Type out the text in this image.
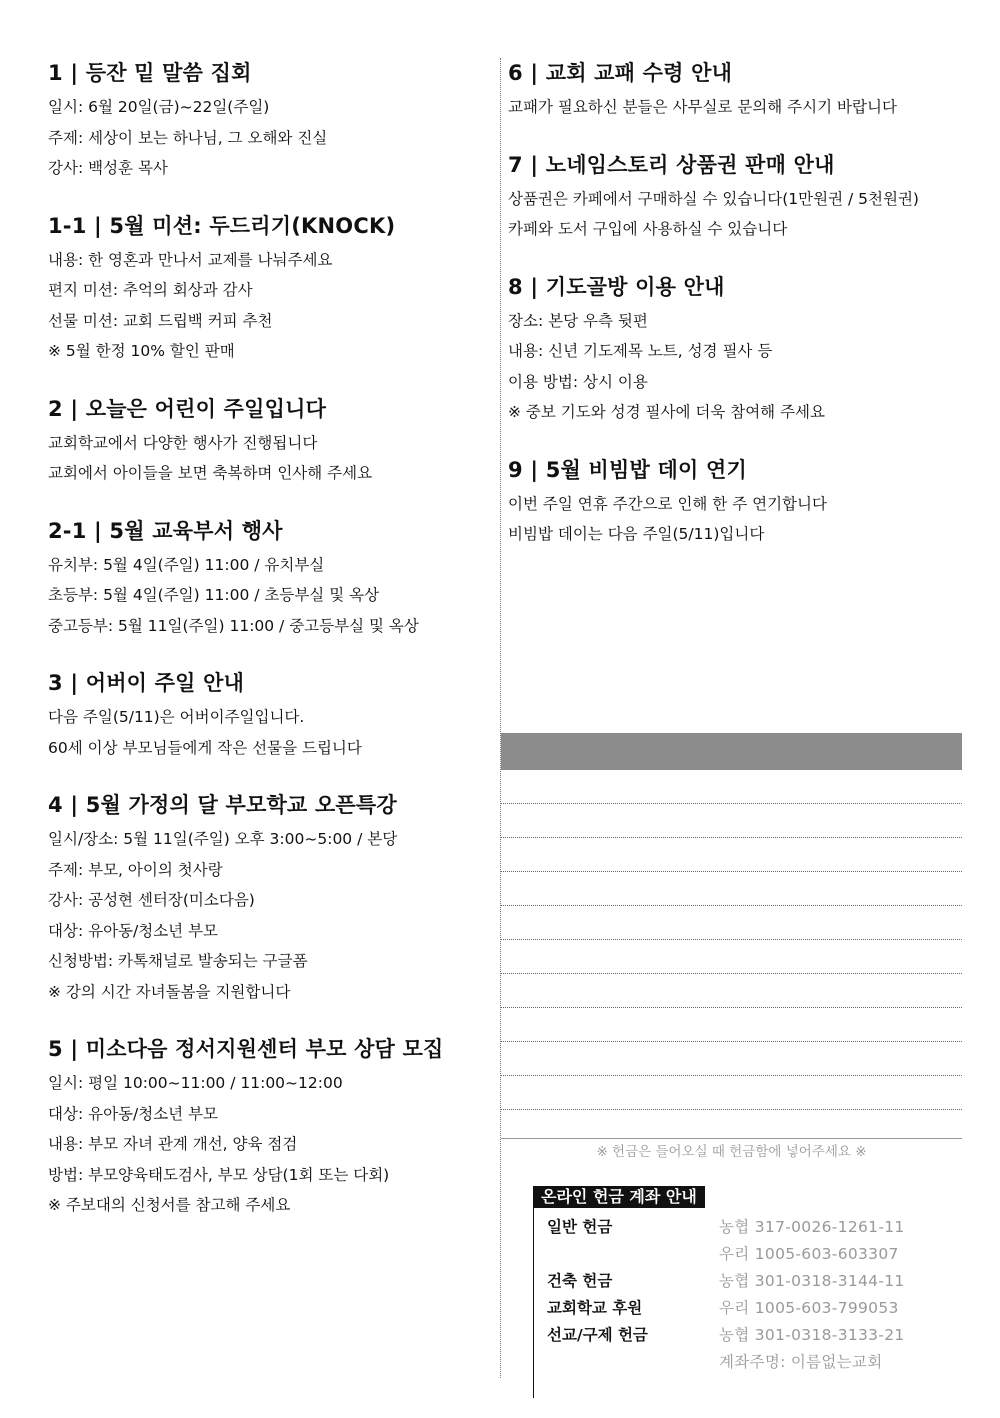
1 | 등잔 밑 말씀 집회
일시: 6월 20일(금)~22일(주일)
주제: 세상이 보는 하나님, 그 오해와 진실
강사: 백성훈 목사
1-1 | 5월 미션: 두드리기(KNOCK)
내용: 한 영혼과 만나서 교제를 나눠주세요
편지 미션: 추억의 회상과 감사
선물 미션: 교회 드립백 커피 추천
※ 5월 한정 10% 할인 판매
2 | 오늘은 어린이 주일입니다
교회학교에서 다양한 행사가 진행됩니다
교회에서 아이들을 보면 축복하며 인사해 주세요
2-1 | 5월 교육부서 행사
유치부: 5월 4일(주일) 11:00 / 유치부실
초등부: 5월 4일(주일) 11:00 / 초등부실 및 옥상
중고등부: 5월 11일(주일) 11:00 / 중고등부실 및 옥상
3 | 어버이 주일 안내
다음 주일(5/11)은 어버이주일입니다.
60세 이상 부모님들에게 작은 선물을 드립니다
4 | 5월 가정의 달 부모학교 오픈특강
일시/장소: 5월 11일(주일) 오후 3:00~5:00 / 본당
주제: 부모, 아이의 첫사랑
강사: 공성현 센터장(미소다음)
대상: 유아동/청소년 부모
신청방법: 카톡채널로 발송되는 구글폼
※ 강의 시간 자녀돌봄을 지원합니다
5 | 미소다음 정서지원센터 부모 상담 모집
일시: 평일 10:00~11:00 / 11:00~12:00
대상: 유아동/청소년 부모
내용: 부모 자녀 관계 개선, 양육 점검
방법: 부모양육태도검사, 부모 상담(1회 또는 다회)
※ 주보대의 신청서를 참고해 주세요
6 | 교회 교패 수령 안내
교패가 필요하신 분들은 사무실로 문의해 주시기 바랍니다
7 | 노네임스토리 상품권 판매 안내
상품권은 카페에서 구매하실 수 있습니다(1만원권 / 5천원권)
카페와 도서 구입에 사용하실 수 있습니다
8 | 기도골방 이용 안내
장소: 본당 우측 뒷편
내용: 신년 기도제목 노트, 성경 필사 등
이용 방법: 상시 이용
※ 중보 기도와 성경 필사에 더욱 참여해 주세요
9 | 5월 비빔밥 데이 연기
이번 주일 연휴 주간으로 인해 한 주 연기합니다
비빔밥 데이는 다음 주일(5/11)입니다
※ 헌금은 들어오실 때 헌금함에 넣어주세요 ※
온라인 헌금 계좌 안내
일반 헌금	농협 317-0026-1261-11
우리 1005-603-603307
건축 헌금	농협 301-0318-3144-11
교회학교 후원	우리 1005-603-799053
선교/구제 헌금	농협 301-0318-3133-21
계좌주명: 이름없는교회
